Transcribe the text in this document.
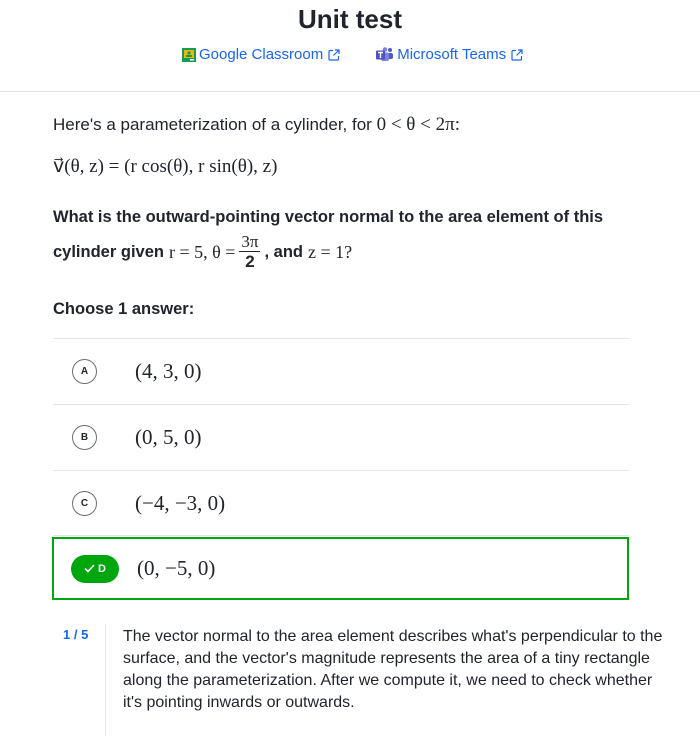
Unit test
Google Classroom	Microsoft Teams
Here's a parameterization of a cylinder, for 0 < θ < 2π:
v⃗(θ, z) = (r cos(θ), r sin(θ), z)
What is the outward-pointing vector normal to the area element of this
cylinder given r = 5, $\theta = \frac{3\pi}{2}$ , and z = 1?
Choose 1 answer:
A	(4, 3, 0)
B	(0, 5, 0)
C	(−4, −3, 0)
D (0, −5, 0)
1 / 5 The vector normal to the area element describes what's perpendicular to the surface, and the vector's magnitude represents the area of a tiny rectangle along the parameterization. After we compute it, we need to check whether it's pointing inwards or outwards.
